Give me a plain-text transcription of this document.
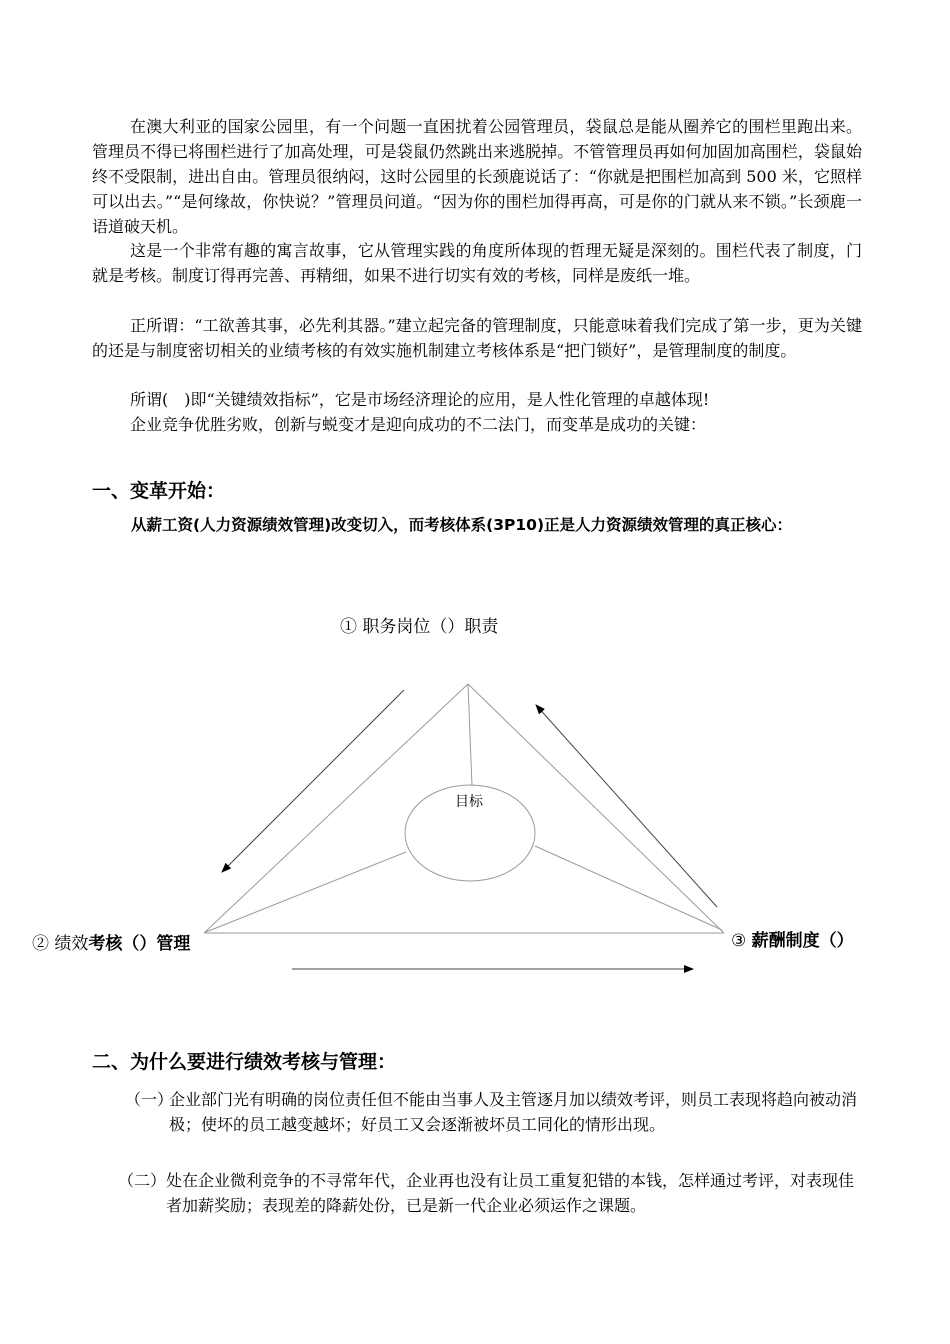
在澳大利亚的国家公园里，有一个问题一直困扰着公园管理员，袋鼠总是能从圈养它的围栏里跑出来。管理员不得已将围栏进行了加高处理，可是袋鼠仍然跳出来逃脱掉。不管管理员再如何加固加高围栏，袋鼠始终不受限制，进出自由。管理员很纳闷，这时公园里的长颈鹿说话了：“你就是把围栏加高到 500 米，它照样可以出去。”“是何缘故，你快说？”管理员问道。“因为你的围栏加得再高，可是你的门就从来不锁。”长颈鹿一语道破天机。

这是一个非常有趣的寓言故事，它从管理实践的角度所体现的哲理无疑是深刻的。围栏代表了制度，门就是考核。制度订得再完善、再精细，如果不进行切实有效的考核，同样是废纸一堆。

正所谓：“工欲善其事，必先利其器。”建立起完备的管理制度，只能意味着我们完成了第一步，更为关键的还是与制度密切相关的业绩考核的有效实施机制建立考核体系是“把门锁好”，是管理制度的制度。

所谓(　)即“关键绩效指标”，它是市场经济理论的应用，是人性化管理的卓越体现!

企业竞争优胜劣败，创新与蜕变才是迎向成功的不二法门，而变革是成功的关键：

一、变革开始：

从薪工资(人力资源绩效管理)改变切入，而考核体系(3P10)正是人力资源绩效管理的真正核心：

① 职务岗位（）职责
目标
② 绩效考核（）管理	③ 薪酬制度（）
二、为什么要进行绩效考核与管理：
（一）
企业部门光有明确的岗位责任但不能由当事人及主管逐月加以绩效考评，则员工表现将趋向被动消极；使坏的员工越变越坏；好员工又会逐渐被坏员工同化的情形出现。
（二） 处在企业微利竞争的不寻常年代，企业再也没有让员工重复犯错的本钱，怎样通过考评，对表现佳者加薪奖励；表现差的降薪处份，已是新一代企业必须运作之课题。
